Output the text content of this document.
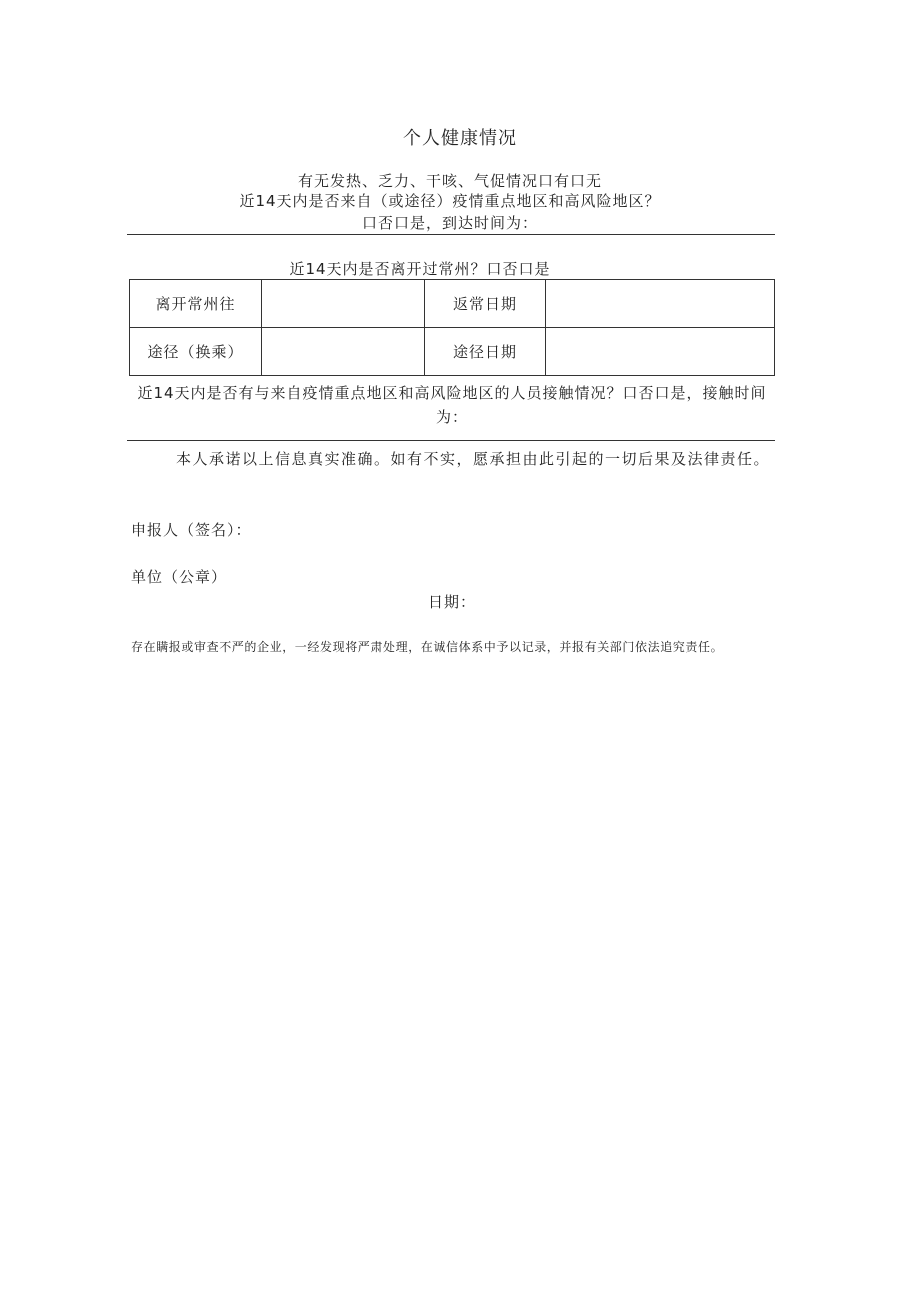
个人健康情况
有无发热、乏力、干咳、气促情况口有口无
近14天内是否来自（或途径）疫情重点地区和高风险地区？
口否口是，到达时间为：
近14天内是否离开过常州？口否口是
离开常州往		返常日期	
途径（换乘）		途径日期	
近14天内是否有与来自疫情重点地区和高风险地区的人员接触情况？口否口是，接触时间为：
本人承诺以上信息真实准确。如有不实，愿承担由此引起的一切后果及法律责任。
申报人（签名）：
单位（公章）
日期：
存在瞒报或审查不严的企业，一经发现将严肃处理，在诚信体系中予以记录，并报有关部门依法追究责任。
